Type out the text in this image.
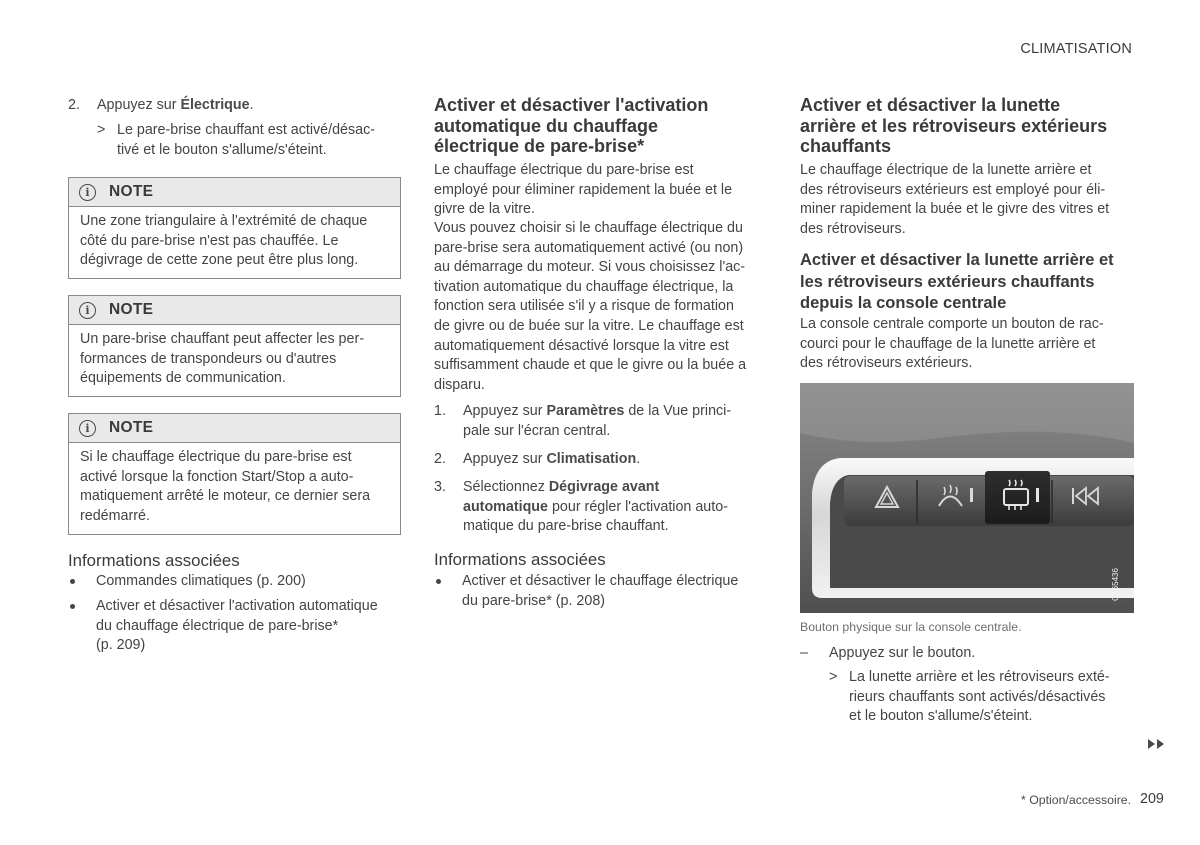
CLIMATISATION
2.	Appuyez sur Électrique.
> Le pare-brise chauffant est activé/désac-
tivé et le bouton s'allume/s'éteint.
i	NOTE
Une zone triangulaire à l'extrémité de chaque
côté du pare-brise n'est pas chauffée. Le
dégivrage de cette zone peut être plus long.
i	NOTE
Un pare-brise chauffant peut affecter les per-
formances de transpondeurs ou d'autres
équipements de communication.
i	NOTE
Si le chauffage électrique du pare-brise est
activé lorsque la fonction Start/Stop a auto-
matiquement arrêté le moteur, ce dernier sera
redémarré.
Informations associées
Commandes climatiques (p. 200)
Activer et désactiver l'activation automatique
du chauffage électrique de pare-brise*
(p. 209)
Activer et désactiver l'activation
automatique du chauffage
électrique de pare-brise*
Le chauffage électrique du pare-brise est
employé pour éliminer rapidement la buée et le
givre de la vitre.
Vous pouvez choisir si le chauffage électrique du
pare-brise sera automatiquement activé (ou non)
au démarrage du moteur. Si vous choisissez l'ac-
tivation automatique du chauffage électrique, la
fonction sera utilisée s'il y a risque de formation
de givre ou de buée sur la vitre. Le chauffage est
automatiquement désactivé lorsque la vitre est
suffisamment chaude et que le givre ou la buée a
disparu.
1.	Appuyez sur Paramètres de la Vue princi-
pale sur l'écran central.
2.	Appuyez sur Climatisation.
3.	Sélectionnez Dégivrage avant
automatique pour régler l'activation auto-
matique du pare-brise chauffant.
Informations associées
Activer et désactiver le chauffage électrique
du pare-brise* (p. 208)
Activer et désactiver la lunette
arrière et les rétroviseurs extérieurs
chauffants
Le chauffage électrique de la lunette arrière et
des rétroviseurs extérieurs est employé pour éli-
miner rapidement la buée et le givre des vitres et
des rétroviseurs.
Activer et désactiver la lunette arrière et
les rétroviseurs extérieurs chauffants
depuis la console centrale
La console centrale comporte un bouton de rac-
courci pour le chauffage de la lunette arrière et
des rétroviseurs extérieurs.
G065436
Bouton physique sur la console centrale.
–	Appuyez sur le bouton.
> La lunette arrière et les rétroviseurs exté-
rieurs chauffants sont activés/désactivés
et le bouton s'allume/s'éteint.
* Option/accessoire. 209
